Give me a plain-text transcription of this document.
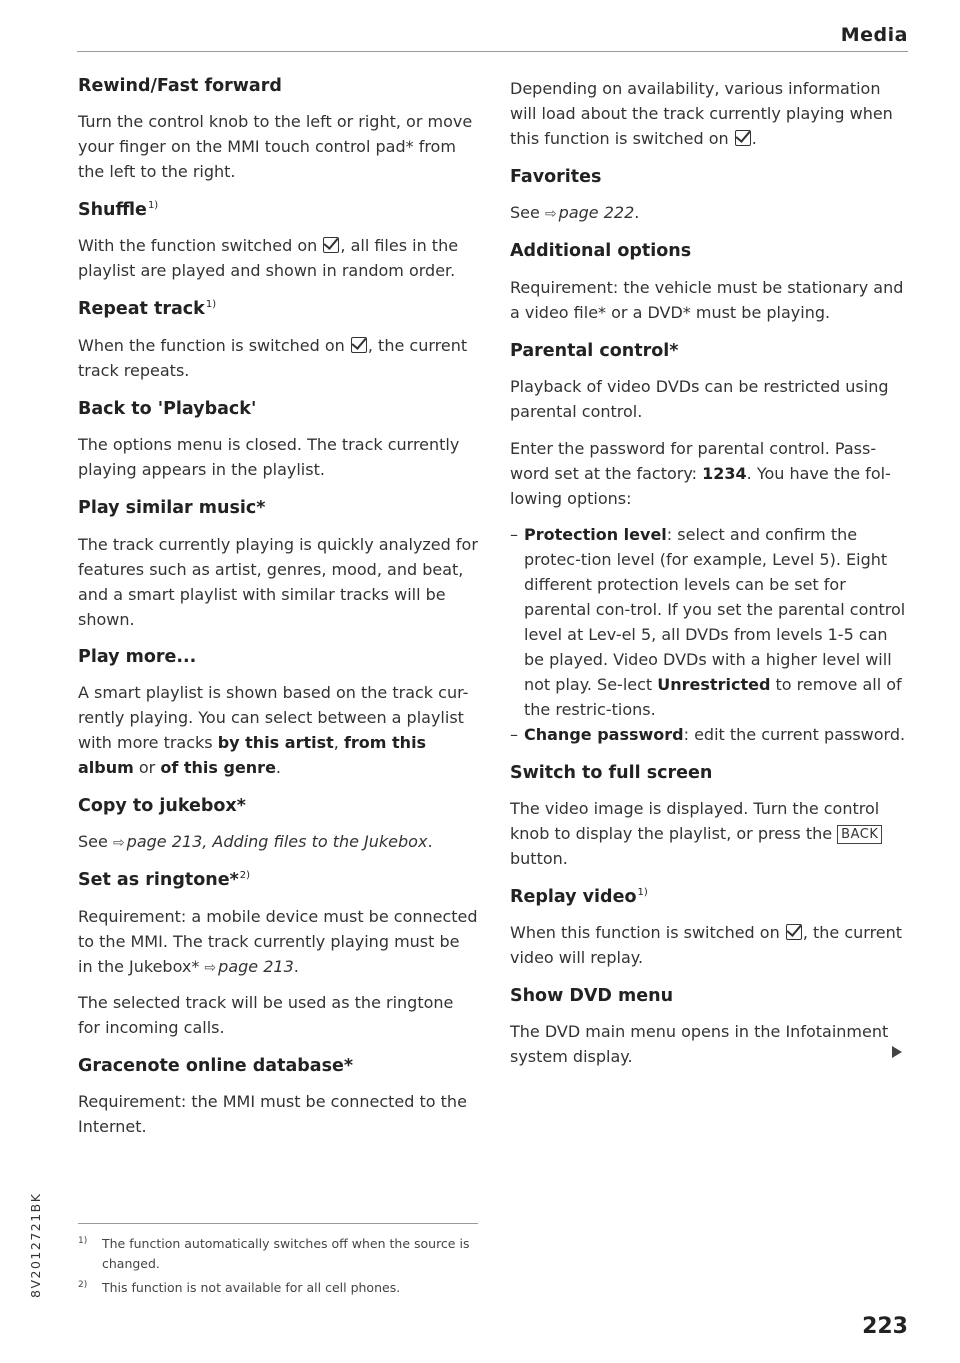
Media
Rewind/Fast forward

Turn the control knob to the left or right, or move your finger on the MMI touch control pad* from the left to the right.

Shuffle$^{1)}$

With the function switched on , all files in the playlist are played and shown in random order.

Repeat track$^{1)}$

When the function is switched on , the current track repeats.

Back to 'Playback'

The options menu is closed. The track currently playing appears in the playlist.

Play similar music*

The track currently playing is quickly analyzed for features such as artist, genres, mood, and beat, and a smart playlist with similar tracks will be shown.

Play more...

A smart playlist is shown based on the track cur-rently playing. You can select between a playlist with more tracks by this artist, from this album or of this genre.

Copy to jukebox*

See ⇨ page 213, Adding files to the Jukebox.

Set as ringtone*$^{2)}$

Requirement: a mobile device must be connected to the MMI. The track currently playing must be in the Jukebox* ⇨ page 213.

The selected track will be used as the ringtone for incoming calls.

Gracenote online database*

Requirement: the MMI must be connected to the Internet.

Depending on availability, various information will load about the track currently playing when this function is switched on .

Favorites

See ⇨ page 222.

Additional options

Requirement: the vehicle must be stationary and a video file* or a DVD* must be playing.

Parental control*

Playback of video DVDs can be restricted using parental control.

Enter the password for parental control. Pass-word set at the factory: 1234. You have the fol-lowing options:

– Protection level: select and confirm the protec-tion level (for example, Level 5). Eight different protection levels can be set for parental con-trol. If you set the parental control level at Lev-el 5, all DVDs from levels 1-5 can be played. Video DVDs with a higher level will not play. Se-lect Unrestricted to remove all of the restric-tions.
– Change password: edit the current password.
Switch to full screen

The video image is displayed. Turn the control knob to display the playlist, or press the BACK button.

Replay video$^{1)}$

When this function is switched on , the current video will replay.

Show DVD menu

The DVD main menu opens in the Infotainment system display.

1)	The function automatically switches off when the source is changed.
2)	This function is not available for all cell phones.
8V2012721BK
223
